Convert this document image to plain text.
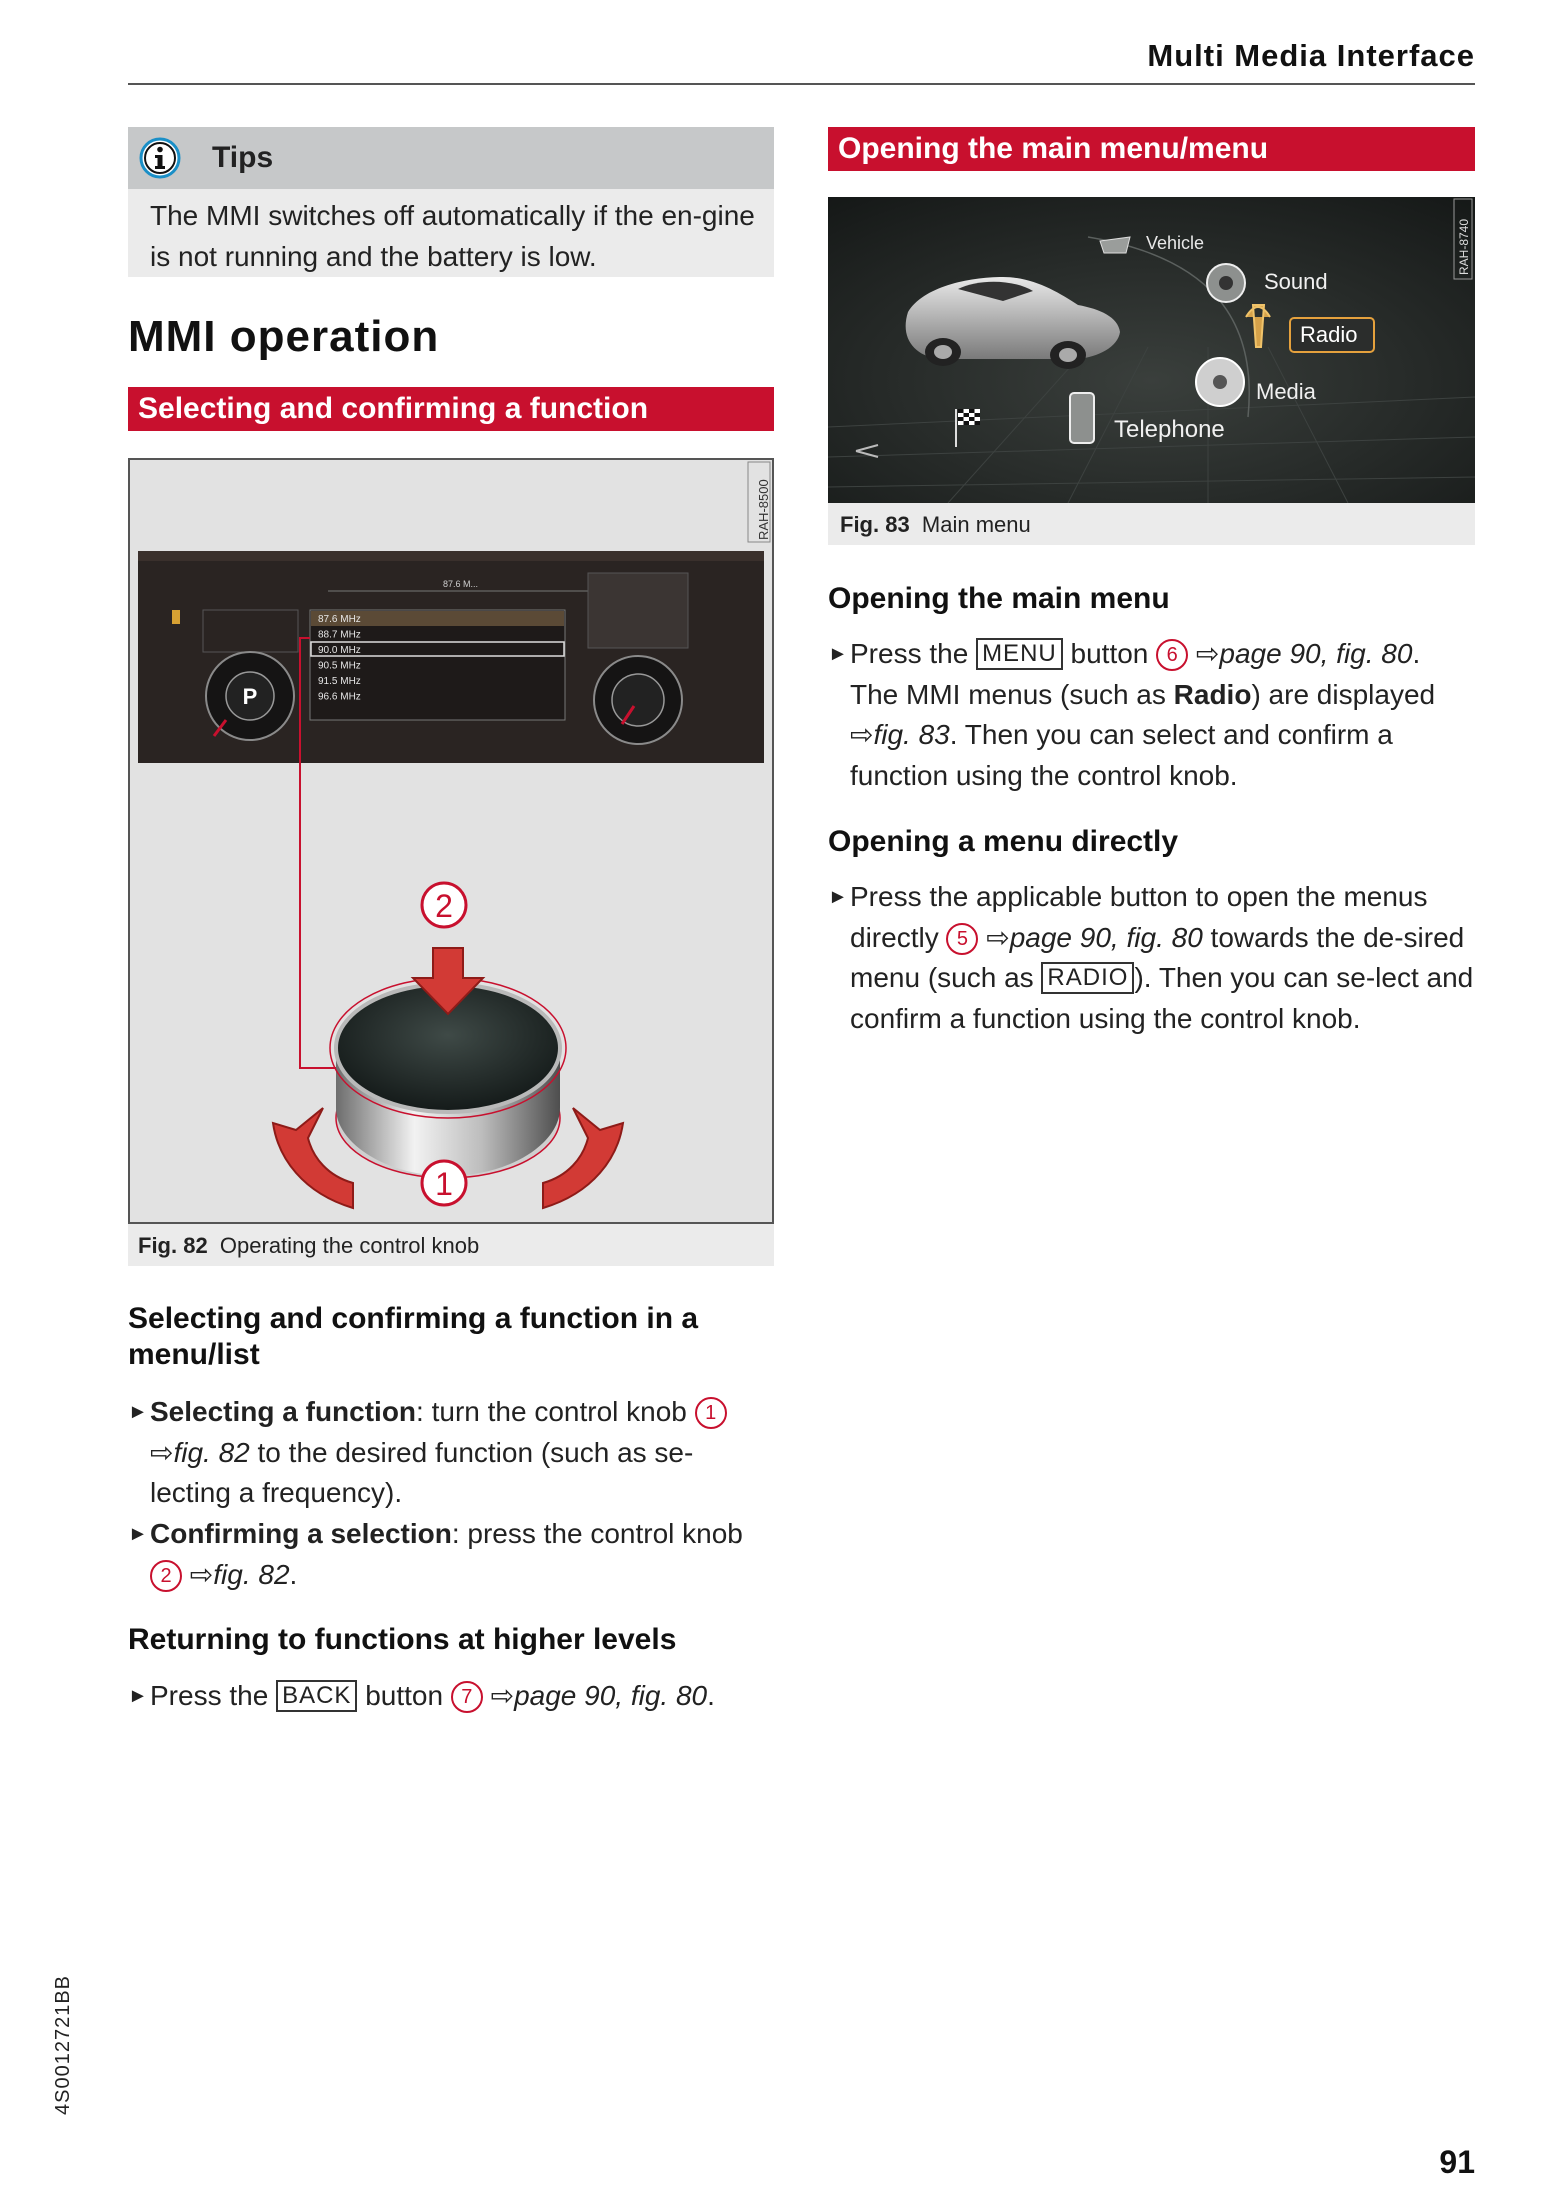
Multi Media Interface
Tips
The MMI switches off automatically if the en-gine is not running and the battery is low.
MMI operation
Selecting and confirming a function
Opening the main menu/menu
RAH-8500
87.6 M...
87.6 MHz
88.7 MHz
90.0 MHz
90.5 MHz
91.5 MHz
96.6 MHz
P
2
1
Fig. 82 Operating the control knob
RAH-8740
Vehicle
Sound
Radio
Media
Telephone
Fig. 83 Main menu
Selecting and confirming a function in a menu/list
► Selecting a function: turn the control knob 1 ⇨fig. 82 to the desired function (such as se-lecting a frequency).
► Confirming a selection: press the control knob 2 ⇨fig. 82.
Returning to functions at higher levels
► Press the BACK button 7 ⇨page 90, fig. 80.
Opening the main menu
► Press the MENU button 6 ⇨page 90, fig. 80. The MMI menus (such as Radio) are displayed ⇨fig. 83. Then you can select and confirm a function using the control knob.
Opening a menu directly
► Press the applicable button to open the menus directly 5 ⇨page 90, fig. 80 towards the de-sired menu (such as RADIO ). Then you can se-lect and confirm a function using the control knob.
4S0012721BB
91
